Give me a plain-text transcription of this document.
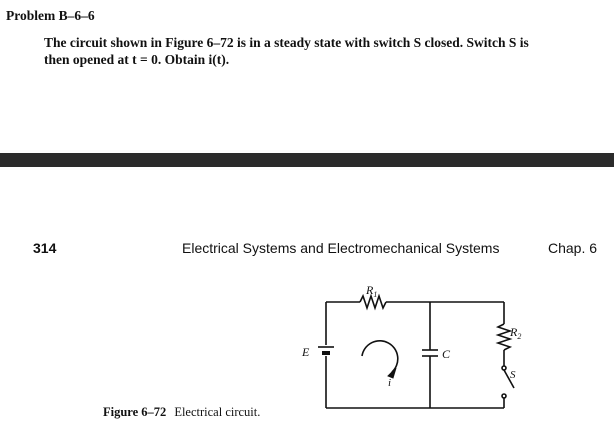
Problem B–6–6
The circuit shown in Figure 6–72 is in a steady state with switch S closed. Switch S is
then opened at t = 0. Obtain i(t).
314	Electrical Systems and Electromechanical Systems	Chap. 6
$R_1$
E	C
$R_2$
i
S
Figure 6–72 Electrical circuit.
